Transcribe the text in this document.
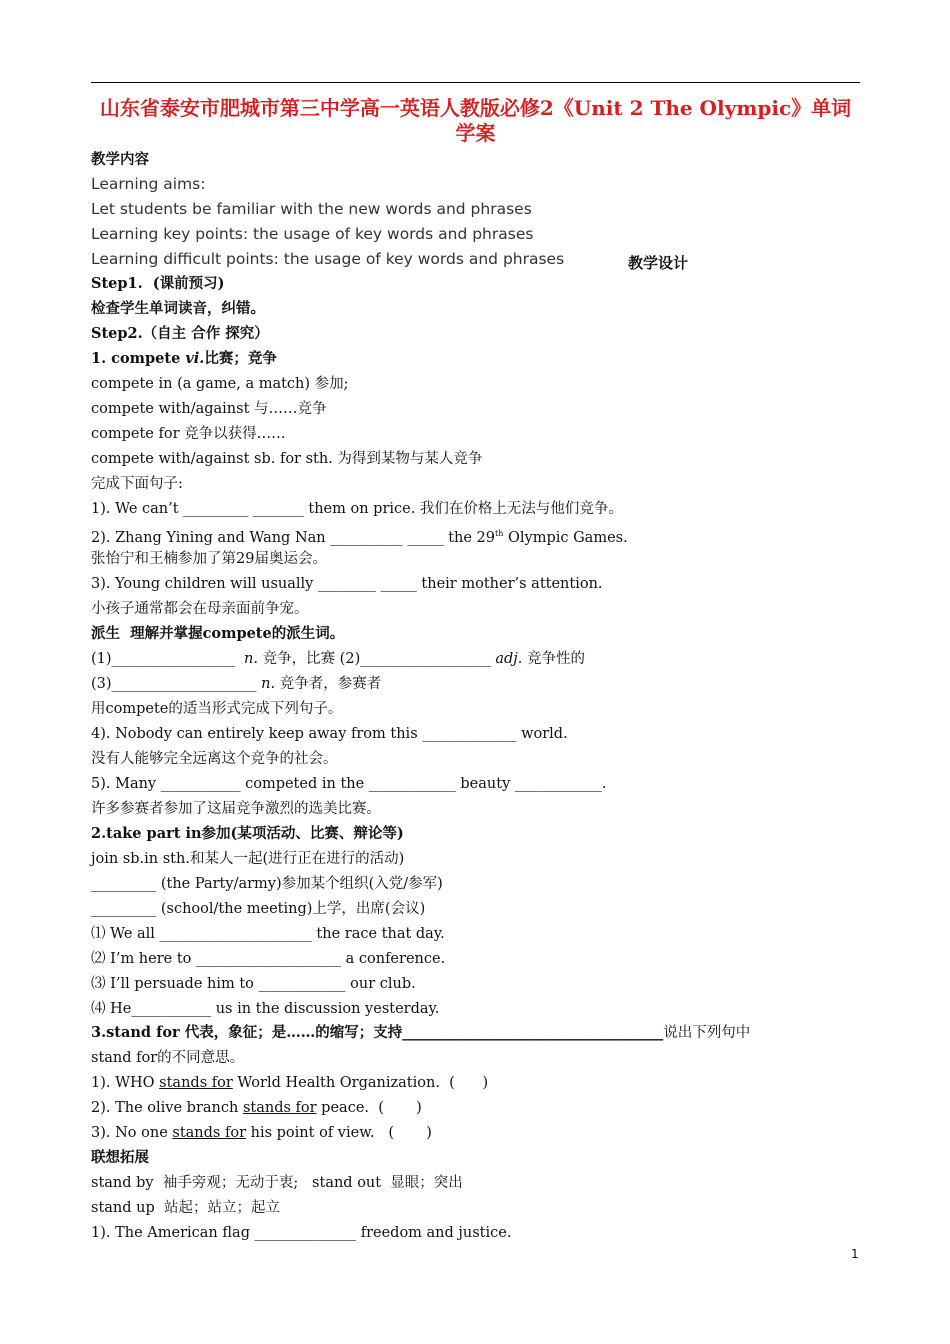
山东省泰安市肥城市第三中学高一英语人教版必修2《Unit 2 The Olympic》单词学案
教学内容
Learning aims:
Let students be familiar with the new words and phrases
Learning key points: the usage of key words and phrases
Learning difficult points: the usage of key words and phrases	教学设计
Step1.  (课前预习)
检查学生单词读音，纠错。
Step2.（自主 合作 探究）
1. compete vi.比赛；竞争
compete in (a game, a match) 参加;
compete with/against 与……竞争
compete for 竞争以获得……
compete with/against sb. for sth. 为得到某物与某人竞争
完成下面句子:
1). We can’t _________ _______ them on price. 我们在价格上无法与他们竞争。
2). Zhang Yining and Wang Nan __________ _____ the 29th Olympic Games.
张怡宁和王楠参加了第29届奥运会。
3). Young children will usually ________ _____ their mother’s attention.
小孩子通常都会在母亲面前争宠。
派生  理解并掌握compete的派生词。
(1)_________________  n. 竞争，比赛 (2)__________________ adj. 竞争性的
(3)____________________ n. 竞争者，参赛者
用compete的适当形式完成下列句子。
4). Nobody can entirely keep away from this _____________ world.
没有人能够完全远离这个竞争的社会。
5). Many ___________ competed in the ____________ beauty ____________.
许多参赛者参加了这届竞争激烈的选美比赛。
2.take part in参加(某项活动、比赛、辩论等)
join sb.in sth.和某人一起(进行正在进行的活动)
_________ (the Party/army)参加某个组织(入党/参军)
_________ (school/the meeting)上学，出席(会议)
⑴ We all _____________________ the race that day.
⑵ I’m here to ____________________ a conference.
⑶ I’ll persuade him to ____________ our club.
⑷ He___________ us in the discussion yesterday.
3.stand for 代表，象征；是……的缩写；支持____________________________________说出下列句中
stand for的不同意思。
1). WHO stands for World Health Organization.  (      )
2). The olive branch stands for peace.  (       )
3). No one stands for his point of view.   (       )
联想拓展
stand by  袖手旁观；无动于衷;   stand out  显眼；突出
stand up  站起；站立；起立
1). The American flag ______________ freedom and justice.
1
